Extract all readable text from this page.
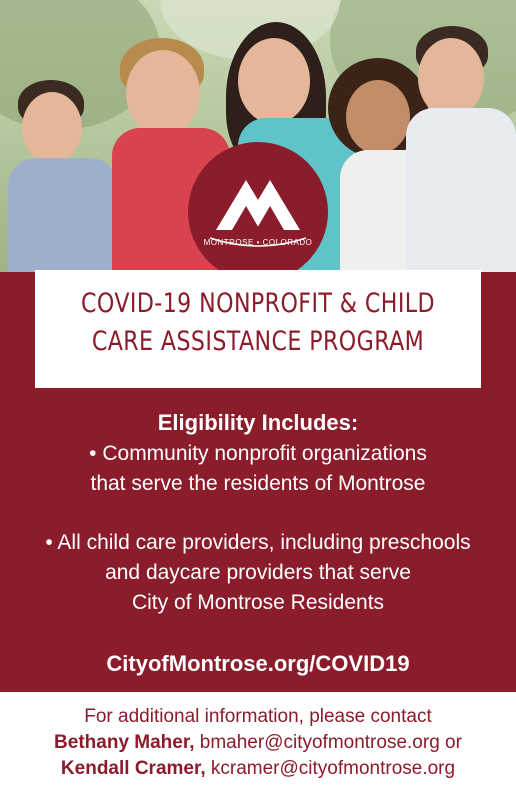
MONTROSE • COLORADO
COVID-19 NONPROFIT & CHILD
CARE ASSISTANCE PROGRAM
Eligibility Includes:
• Community nonprofit organizations
that serve the residents of Montrose
• All child care providers, including preschools
and daycare providers that serve
City of Montrose Residents
CityofMontrose.org/COVID19
For additional information, please contact
Bethany Maher, bmaher@cityofmontrose.org or
Kendall Cramer, kcramer@cityofmontrose.org
